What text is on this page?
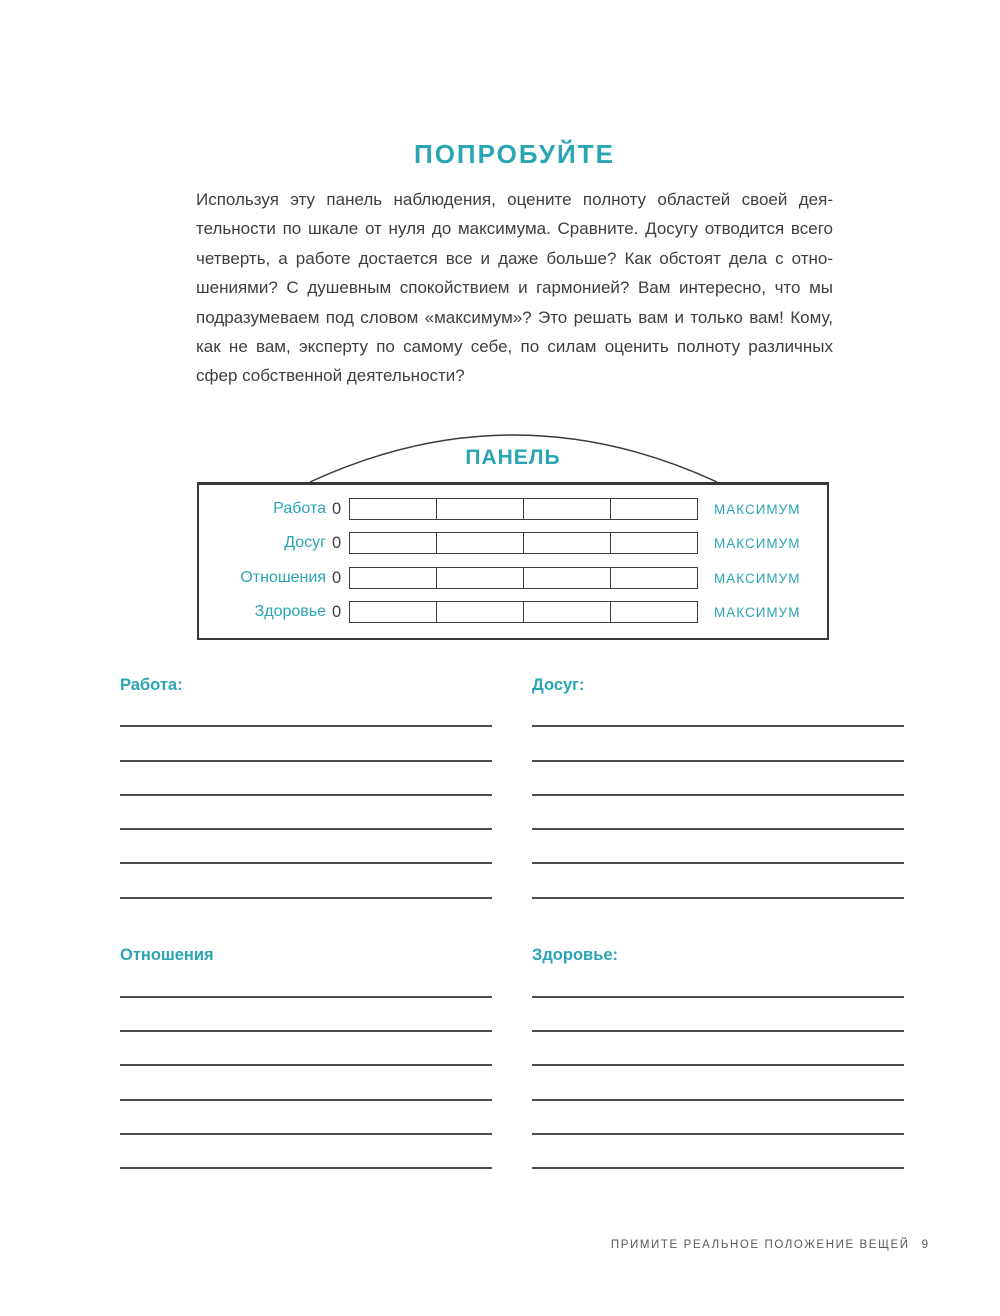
ПОПРОБУЙТЕ
Используя эту панель наблюдения, оцените полноту областей своей дея-
тельности по шкале от нуля до максимума. Сравните. Досугу отводится всего
четверть, а работе достается все и даже больше? Как обстоят дела с отно-
шениями? С душевным спокойствием и гармонией? Вам интересно, что мы
подразумеваем под словом «максимум»? Это решать вам и только вам! Кому,
как не вам, эксперту по самому себе, по силам оценить полноту различных
сфер собственной деятельности?
ПАНЕЛЬ
Работа 0	МАКСИМУМ
Досуг 0	МАКСИМУМ
Отношения 0	МАКСИМУМ
Здоровье 0	МАКСИМУМ
Работа:	Досуг:
Отношения	Здоровье:
ПРИМИТЕ РЕАЛЬНОЕ ПОЛОЖЕНИЕ ВЕЩЕЙ 9
